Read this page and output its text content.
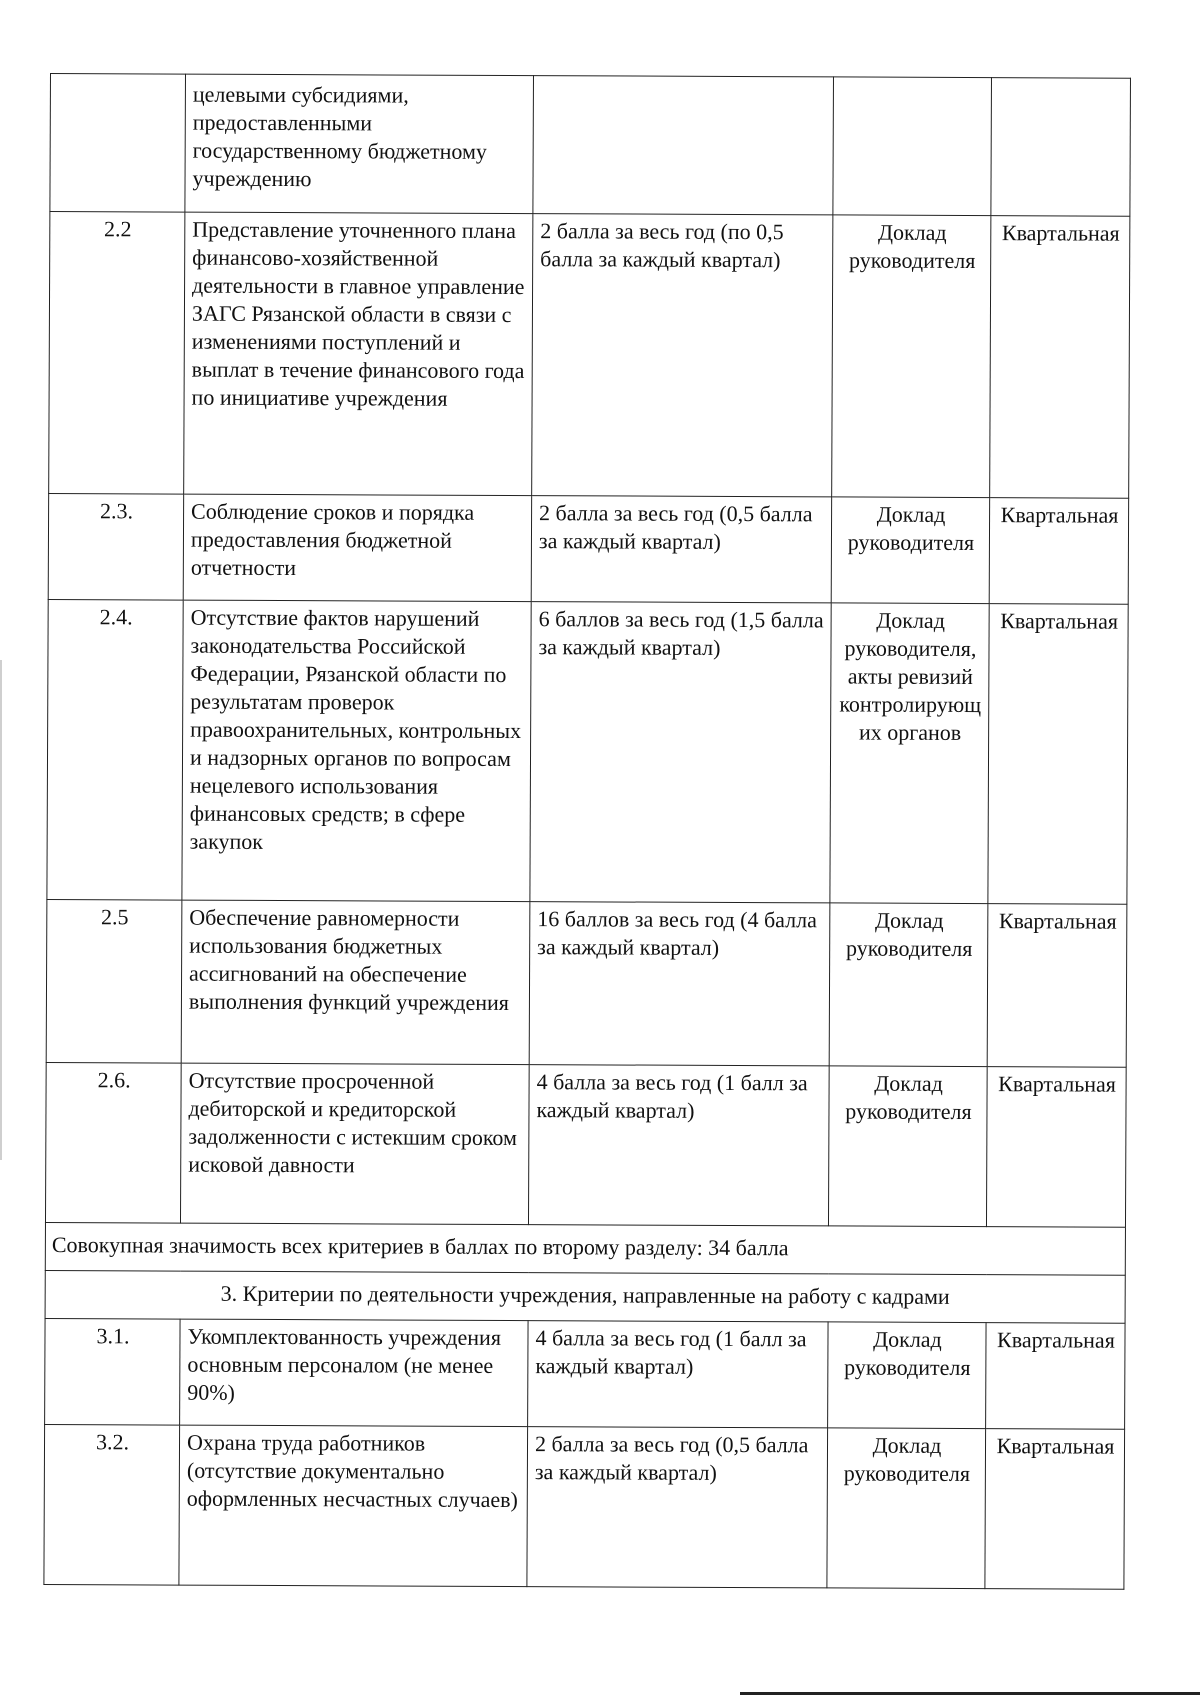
	целевыми субсидиями, предоставленными государственному бюджетному учреждению			
2.2	Представление уточненного плана финансово-хозяйственной деятельности в главное управление ЗАГС Рязанской области в связи с изменениями поступлений и выплат в течение финансового года по инициативе учреждения	2 балла за весь год (по 0,5 балла за каждый квартал)	Доклад руководителя	Квартальная
2.3.	Соблюдение сроков и порядка предоставления бюджетной отчетности	2 балла за весь год (0,5 балла за каждый квартал)	Доклад руководителя	Квартальная
2.4.	Отсутствие фактов нарушений законодательства Российской Федерации, Рязанской области по результатам проверок правоохранительных, контрольных и надзорных органов по вопросам нецелевого использования финансовых средств; в сфере закупок	6 баллов за весь год (1,5 балла за каждый квартал)	Доклад руководителя, акты ревизий контролирующих органов	Квартальная
2.5	Обеспечение равномерности использования бюджетных ассигнований на обеспечение выполнения функций учреждения	16 баллов за весь год (4 балла за каждый квартал)	Доклад руководителя	Квартальная
2.6.	Отсутствие просроченной дебиторской и кредиторской задолженности с истекшим сроком исковой давности	4 балла за весь год (1 балл за каждый квартал)	Доклад руководителя	Квартальная
Совокупная значимость всех критериев в баллах по второму разделу: 34 балла				
3. Критерии по деятельности учреждения, направленные на работу с кадрами				
3.1.	Укомплектованность учреждения основным персоналом (не менее 90%)	4 балла за весь год (1 балл за каждый квартал)	Доклад руководителя	Квартальная
3.2.	Охрана труда работников (отсутствие документально оформленных несчастных случаев)	2 балла за весь год (0,5 балла за каждый квартал)	Доклад руководителя	Квартальная
